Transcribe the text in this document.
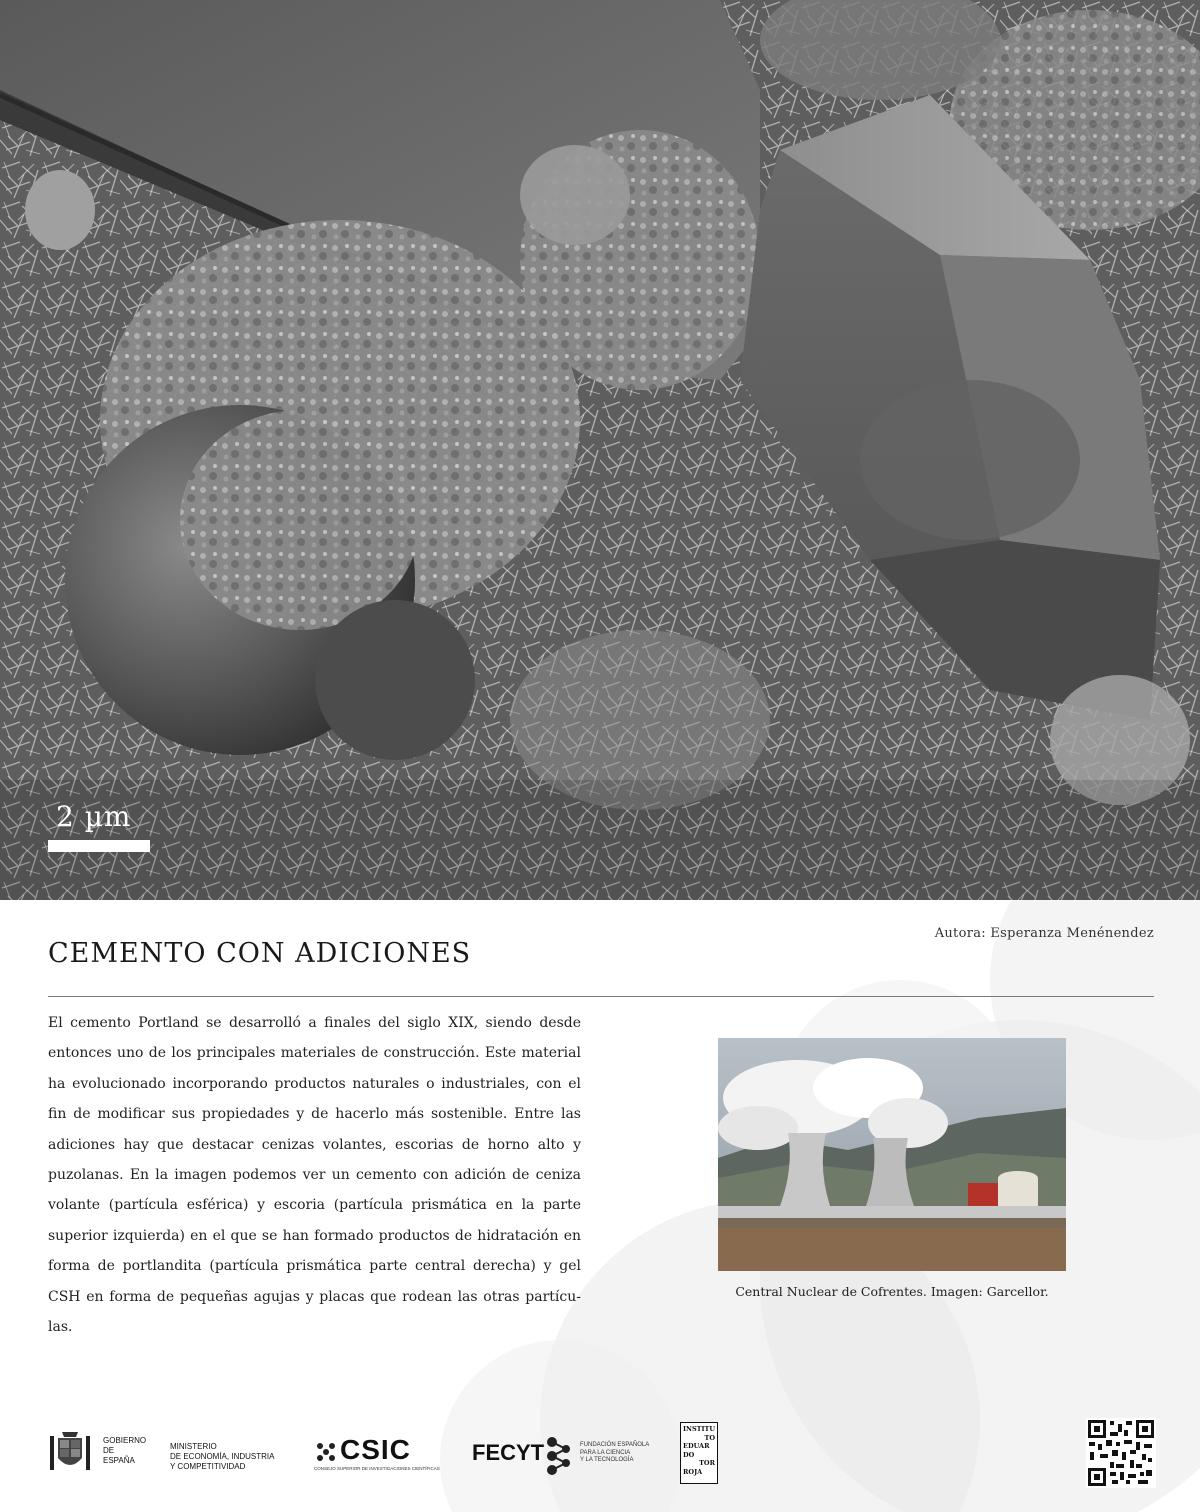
2 µm
Autora: Esperanza Menénendez
CEMENTO CON ADICIONES

El cemento Portland se desarrolló a finales del siglo XIX, siendo desde entonces uno de los principales materiales de construcción. Este material ha evolucionado incorporando productos naturales o industriales, con el fin de modificar sus propiedades y de hacerlo más sostenible. Entre las adiciones hay que destacar cenizas volantes, escorias de horno alto y puzolanas. En la imagen podemos ver un cemento con adición de ceniza volante (partícula esférica) y escoria (partícula prismática en la parte superior izquierda) en el que se han formado productos de hidratación en forma de portlandita (partícula prismática parte central derecha) y gel CSH en forma de pequeñas agujas y placas que rodean las otras partícu-las.

Central Nuclear de Cofrentes. Imagen: Garcellor.
GOBIERNO
DE ESPAÑA
MINISTERIO
DE ECONOMÍA, INDUSTRIA
Y COMPETITIVIDAD
CSIC
CONSEJO SUPERIOR DE INVESTIGACIONES CIENTÍFICAS
FECYT	FUNDACIÓN ESPAÑOLA
PARA LA CIENCIA
Y LA TECNOLOGÍA
INSTITU
TO
EDUAR
DO
TOR
ROJA
